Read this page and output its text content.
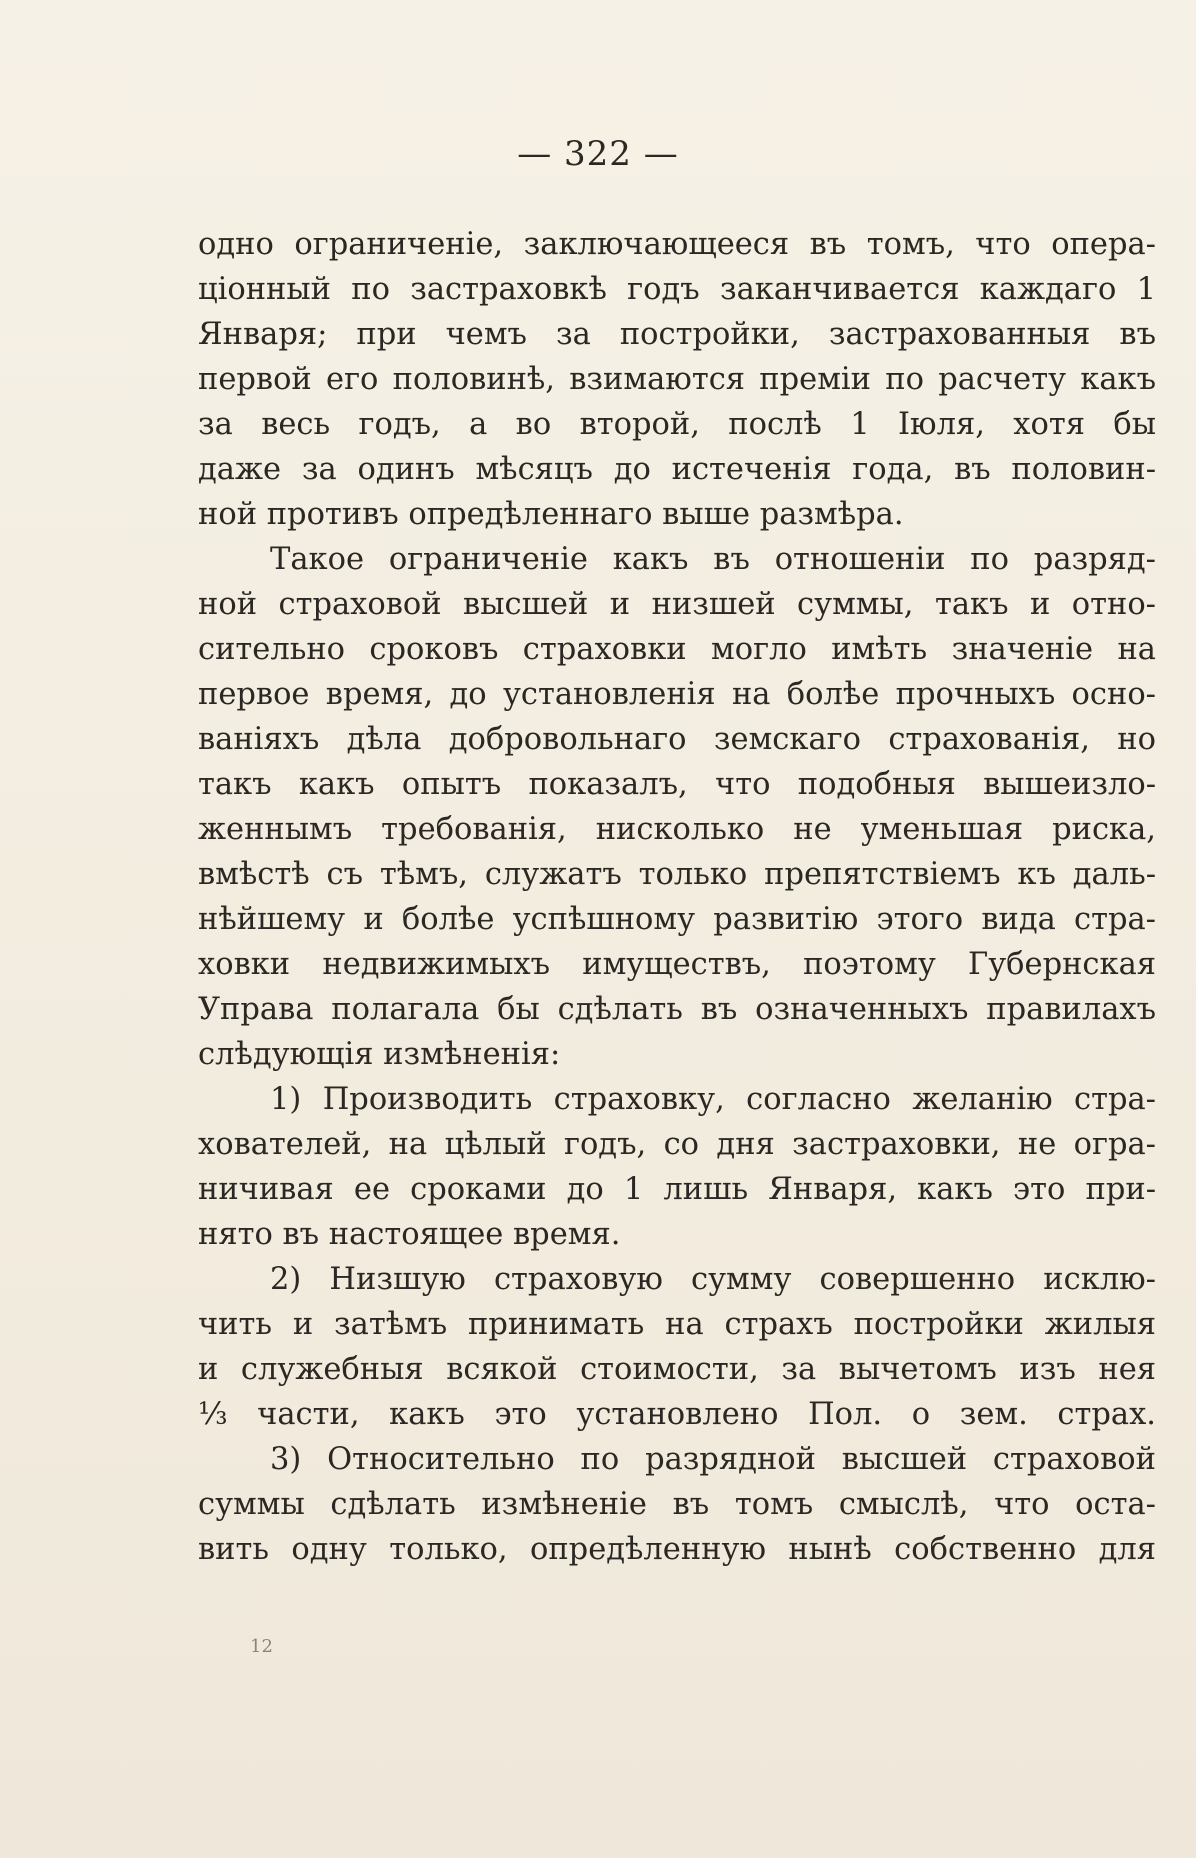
— 322 —
одно ограниченіе, заключающееся въ томъ, что опера-
ціонный по застраховкѣ годъ заканчивается каждаго 1
Января; при чемъ за постройки, застрахованныя въ
первой его половинѣ, взимаются преміи по расчету какъ
за весь годъ, а во второй, послѣ 1 Іюля, хотя бы
даже за одинъ мѣсяцъ до истеченія года, въ половин-
ной противъ опредѣленнаго выше размѣра.
Такое ограниченіе какъ въ отношеніи по разряд-
ной страховой высшей и низшей суммы, такъ и отно-
сительно сроковъ страховки могло имѣть значеніе на
первое время, до установленія на болѣе прочныхъ осно-
ваніяхъ дѣла добровольнаго земскаго страхованія, но
такъ какъ опытъ показалъ, что подобныя вышеизло-
женнымъ требованія, нисколько не уменьшая риска,
вмѣстѣ съ тѣмъ, служатъ только препятствіемъ къ даль-
нѣйшему и болѣе успѣшному развитію этого вида стра-
ховки недвижимыхъ имуществъ, поэтому Губернская
Управа полагала бы сдѣлать въ означенныхъ правилахъ
слѣдующія измѣненія:
1) Производить страховку, согласно желанію стра-
хователей, на цѣлый годъ, со дня застраховки, не огра-
ничивая ее сроками до 1 лишь Января, какъ это при-
нято въ настоящее время.
2) Низшую страховую сумму совершенно исклю-
чить и затѣмъ принимать на страхъ постройки жилыя
и служебныя всякой стоимости, за вычетомъ изъ нея
⅓ части, какъ это установлено Пол. о зем. страх.
3) Относительно по разрядной высшей страховой
суммы сдѣлать измѣненіе въ томъ смыслѣ, что оста-
вить одну только, опредѣленную нынѣ собственно для
12
